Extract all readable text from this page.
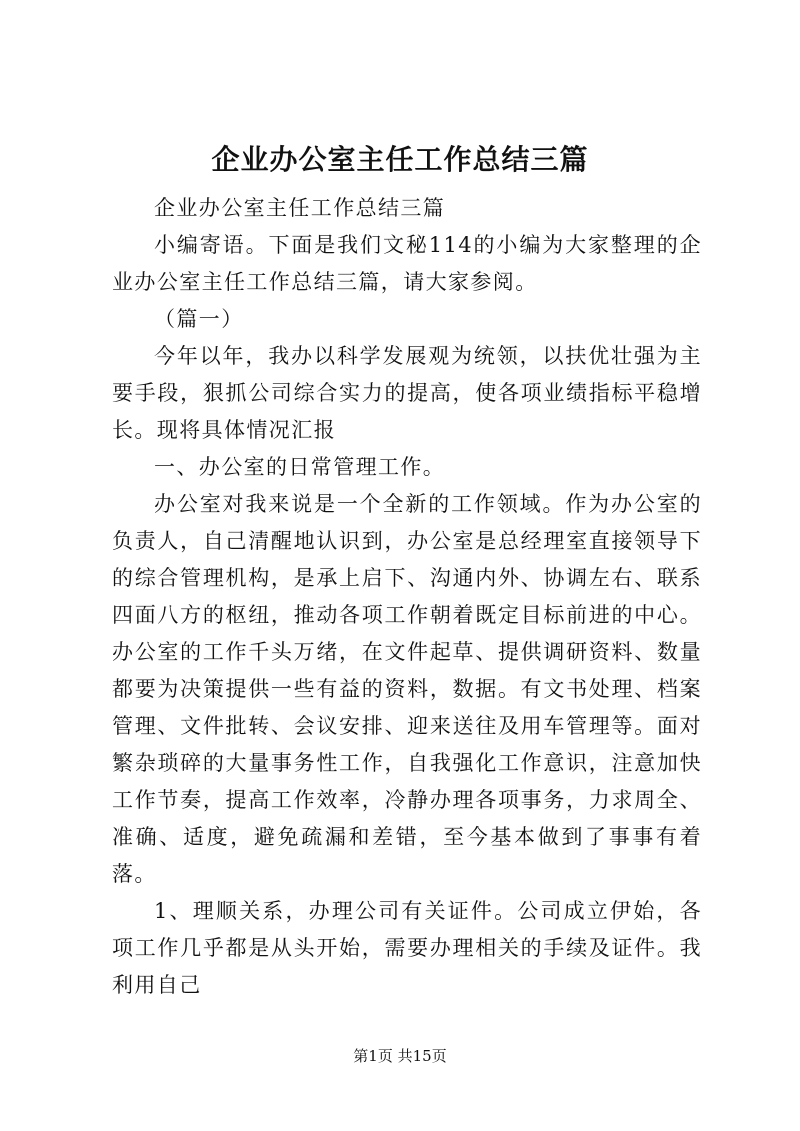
企业办公室主任工作总结三篇

企业办公室主任工作总结三篇

小编寄语。下面是我们文秘114的小编为大家整理的企业办公室主任工作总结三篇，请大家参阅。

（篇一）

今年以年，我办以科学发展观为统领，以扶优壮强为主要手段，狠抓公司综合实力的提高，使各项业绩指标平稳增长。现将具体情况汇报

一、办公室的日常管理工作。

办公室对我来说是一个全新的工作领域。作为办公室的负责人，自己清醒地认识到，办公室是总经理室直接领导下的综合管理机构，是承上启下、沟通内外、协调左右、联系四面八方的枢纽，推动各项工作朝着既定目标前进的中心。办公室的工作千头万绪，在文件起草、提供调研资料、数量都要为决策提供一些有益的资料，数据。有文书处理、档案管理、文件批转、会议安排、迎来送往及用车管理等。面对繁杂琐碎的大量事务性工作，自我强化工作意识，注意加快工作节奏，提高工作效率，冷静办理各项事务，力求周全、准确、适度，避免疏漏和差错，至今基本做到了事事有着落。

1、理顺关系，办理公司有关证件。公司成立伊始，各项工作几乎都是从头开始，需要办理相关的手续及证件。我利用自己

第1页 共15页
